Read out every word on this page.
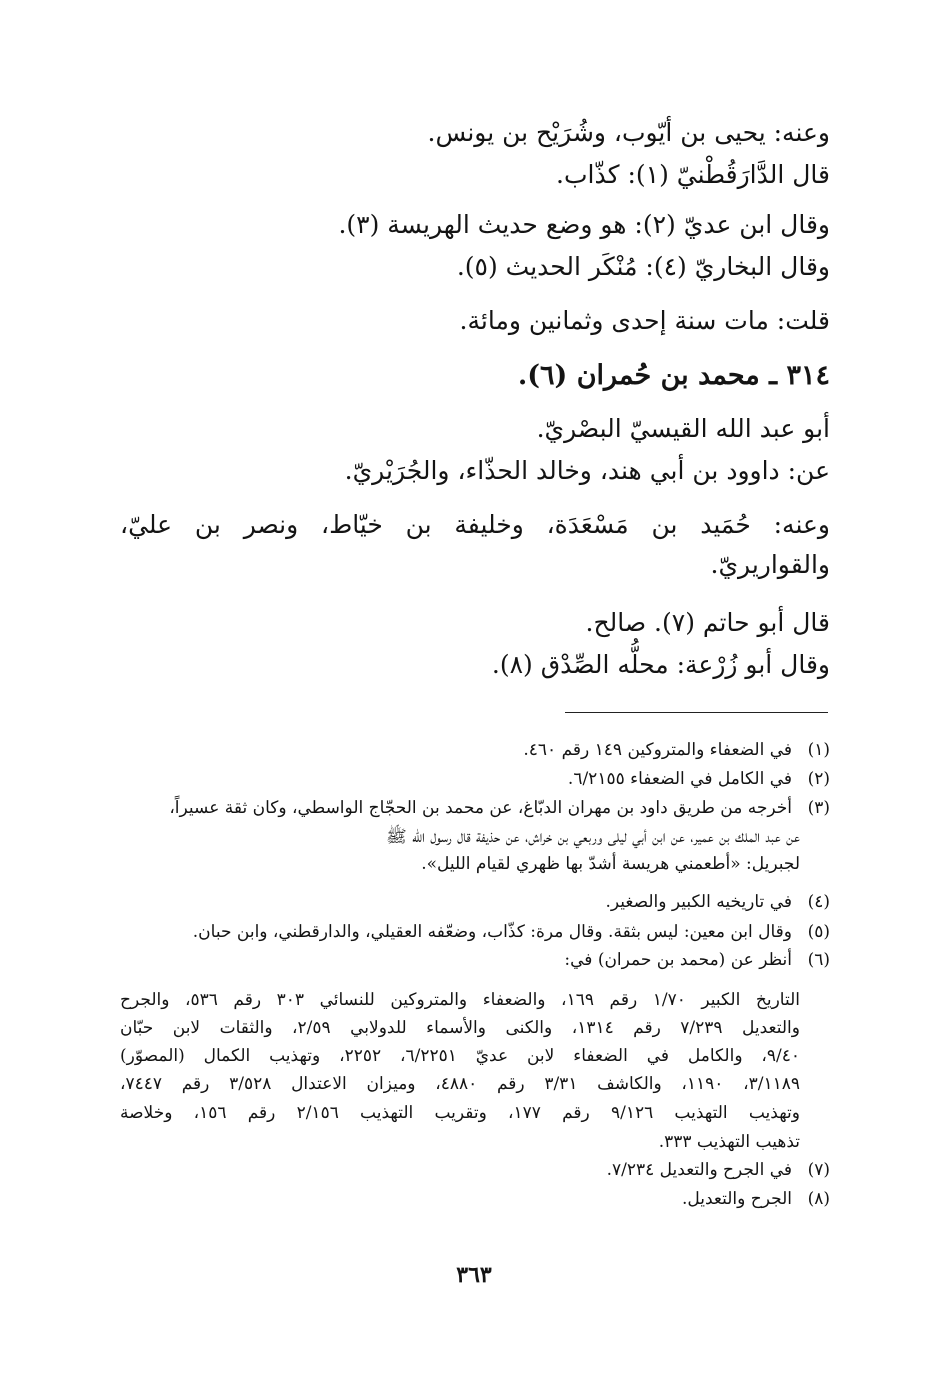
وعنه: يحيى بن أيّوب، وشُرَيْح بن يونس.
قال الدَّارَقُطْنيّ (١): كذّاب.
وقال ابن عديّ (٢): هو وضع حديث الهريسة (٣).
وقال البخاريّ (٤): مُنْكَر الحديث (٥).
قلت: مات سنة إحدى وثمانين ومائة.
٣١٤ ـ محمد بن حُمران (٦).
أبو عبد الله القيسيّ البصْريّ.
عن: داوود بن أبي هند، وخالد الحذّاء، والجُرَيْريّ.
وعنه: حُمَيد بن مَسْعَدَة، وخليفة بن خيّاط، ونصر بن عليّ،
والقواريريّ.
قال أبو حاتم (٧). صالح.
وقال أبو زُرْعة: محلُّه الصِّدْق (٨).
(١)
في الضعفاء والمتروكين ١٤٩ رقم ٤٦٠.
(٢)
في الكامل في الضعفاء ٦/٢١٥٥.
(٣)
أخرجه من طريق داود بن مهران الدبّاغ، عن محمد بن الحجّاج الواسطي، وكان ثقة عسيراً،
عن عبد الملك بن عمير، عن ابن أبي ليلى وربعي بن خراش، عن حذيفة قال رسول الله ﷺ
لجبريل: «أطعمني هريسة أشدّ بها ظهري لقيام الليل».
(٤)
في تاريخيه الكبير والصغير.
(٥)
وقال ابن معين: ليس بثقة. وقال مرة: كذّاب، وضعّفه العقيلي، والدارقطني، وابن حبان.
(٦)
أنظر عن (محمد بن حمران) في:
التاريخ الكبير ١/٧٠ رقم ١٦٩، والضعفاء والمتروكين للنسائي ٣٠٣ رقم ٥٣٦، والجرح
والتعديل ٧/٢٣٩ رقم ١٣١٤، والكنى والأسماء للدولابي ٢/٥٩، والثقات لابن حبّان
٩/٤٠، والكامل في الضعفاء لابن عديّ ٦/٢٢٥١، ٢٢٥٢، وتهذيب الكمال (المصوّر)
٣/١١٨٩، ١١٩٠، والكاشف ٣/٣١ رقم ٤٨٨٠، وميزان الاعتدال ٣/٥٢٨ رقم ٧٤٤٧،
وتهذيب التهذيب ٩/١٢٦ رقم ١٧٧، وتقريب التهذيب ٢/١٥٦ رقم ١٥٦، وخلاصة
تذهيب التهذيب ٣٣٣.
(٧)
في الجرح والتعديل ٧/٢٣٤.
(٨)
الجرح والتعديل.
٣٦٣
